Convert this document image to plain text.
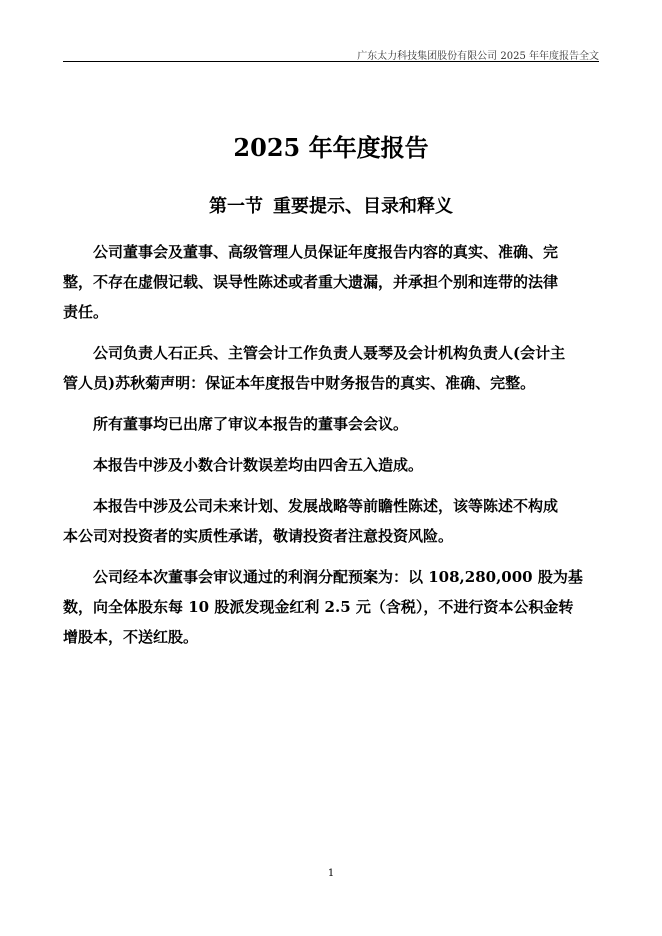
广东太力科技集团股份有限公司 2025 年年度报告全文
2025 年年度报告
第一节 重要提示、目录和释义

公司董事会及董事、高级管理人员保证年度报告内容的真实、准确、完
整，不存在虚假记载、误导性陈述或者重大遗漏，并承担个别和连带的法律
责任。

公司负责人石正兵、主管会计工作负责人聂琴及会计机构负责人(会计主
管人员)苏秋菊声明：保证本年度报告中财务报告的真实、准确、完整。

所有董事均已出席了审议本报告的董事会会议。

本报告中涉及小数合计数误差均由四舍五入造成。

本报告中涉及公司未来计划、发展战略等前瞻性陈述，该等陈述不构成
本公司对投资者的实质性承诺，敬请投资者注意投资风险。

公司经本次董事会审议通过的利润分配预案为：以 108,280,000 股为基
数，向全体股东每 10 股派发现金红利 2.5 元（含税），不进行资本公积金转
增股本，不送红股。

1
